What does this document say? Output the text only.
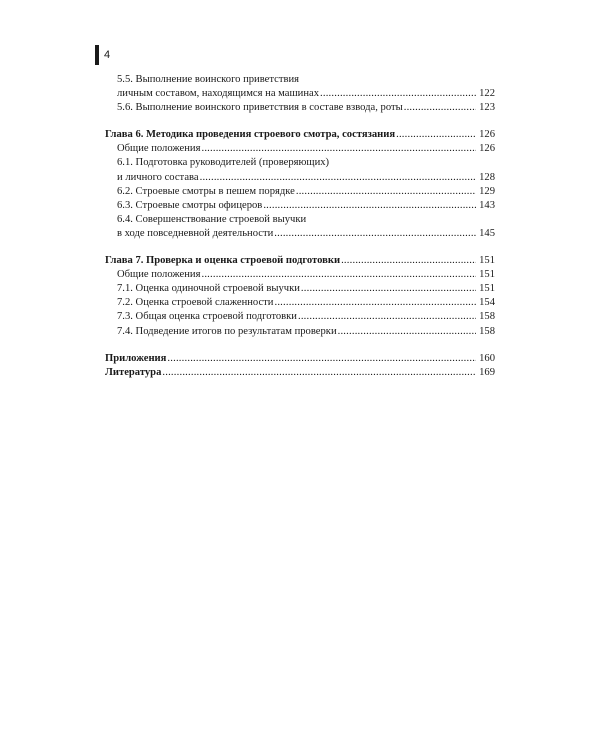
4
5.5. Выполнение воинского приветствия
личным составом, находящимся на машинах .....	122
5.6. Выполнение воинского приветствия в составе взвода, роты .....	123
Глава 6. Методика проведения строевого смотра, состязания .....	126
Общие положения .....	126
6.1. Подготовка руководителей (проверяющих)
и личного состава .....	128
6.2. Строевые смотры в пешем порядке .....	129
6.3. Строевые смотры офицеров .....	143
6.4. Совершенствование строевой выучки
в ходе повседневной деятельности .....	145
Глава 7. Проверка и оценка строевой подготовки .....	151
Общие положения .....	151
7.1. Оценка одиночной строевой выучки .....	151
7.2. Оценка строевой слаженности .....	154
7.3. Общая оценка строевой подготовки .....	158
7.4. Подведение итогов по результатам проверки .....	158
Приложения .....	160
Литература .....	169
